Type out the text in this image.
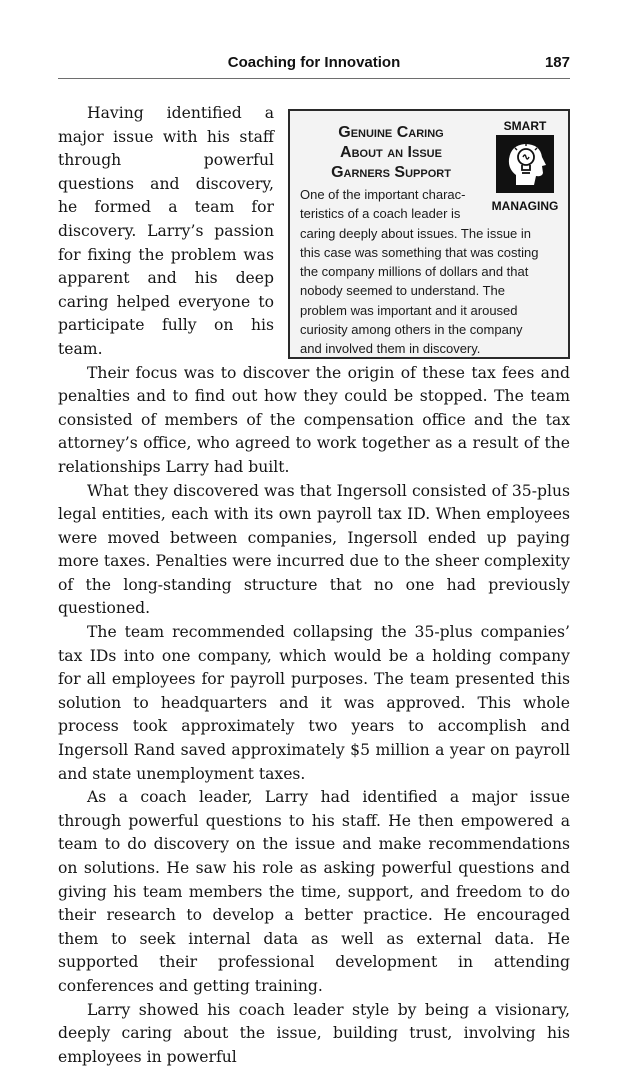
Coaching for Innovation	187
Genuine Caring
About an Issue
Garners Support
SMART
MANAGING
One of the important charac-
teristics of a coach leader is
caring deeply about issues. The issue in
this case was something that was costing
the company millions of dollars and that
nobody seemed to understand. The
problem was important and it aroused
curiosity among others in the company
and involved them in discovery.

Having identified a major issue with his staff through powerful questions and discovery, he formed a team for discovery. Larry’s passion for fixing the problem was apparent and his deep caring helped everyone to participate fully on his team.

Their focus was to discover the origin of these tax fees and penalties and to find out how they could be stopped. The team consisted of members of the compensation office and the tax attorney’s office, who agreed to work together as a result of the relationships Larry had built.

What they discovered was that Ingersoll consisted of 35-plus legal entities, each with its own payroll tax ID. When employees were moved between companies, Ingersoll ended up paying more taxes. Penalties were incurred due to the sheer complexity of the long-standing structure that no one had previously questioned.

The team recommended collapsing the 35-plus companies’ tax IDs into one company, which would be a holding company for all employees for payroll purposes. The team presented this solution to headquarters and it was approved. This whole process took approximately two years to accomplish and Ingersoll Rand saved approximately $5 million a year on payroll and state unemployment taxes.

As a coach leader, Larry had identified a major issue through powerful questions to his staff. He then empowered a team to do discovery on the issue and make recommendations on solutions. He saw his role as asking powerful questions and giving his team members the time, support, and freedom to do their research to develop a better practice. He encouraged them to seek internal data as well as external data. He supported their professional development in attending conferences and getting training.

Larry showed his coach leader style by being a visionary, deeply caring about the issue, building trust, involving his employees in powerful
